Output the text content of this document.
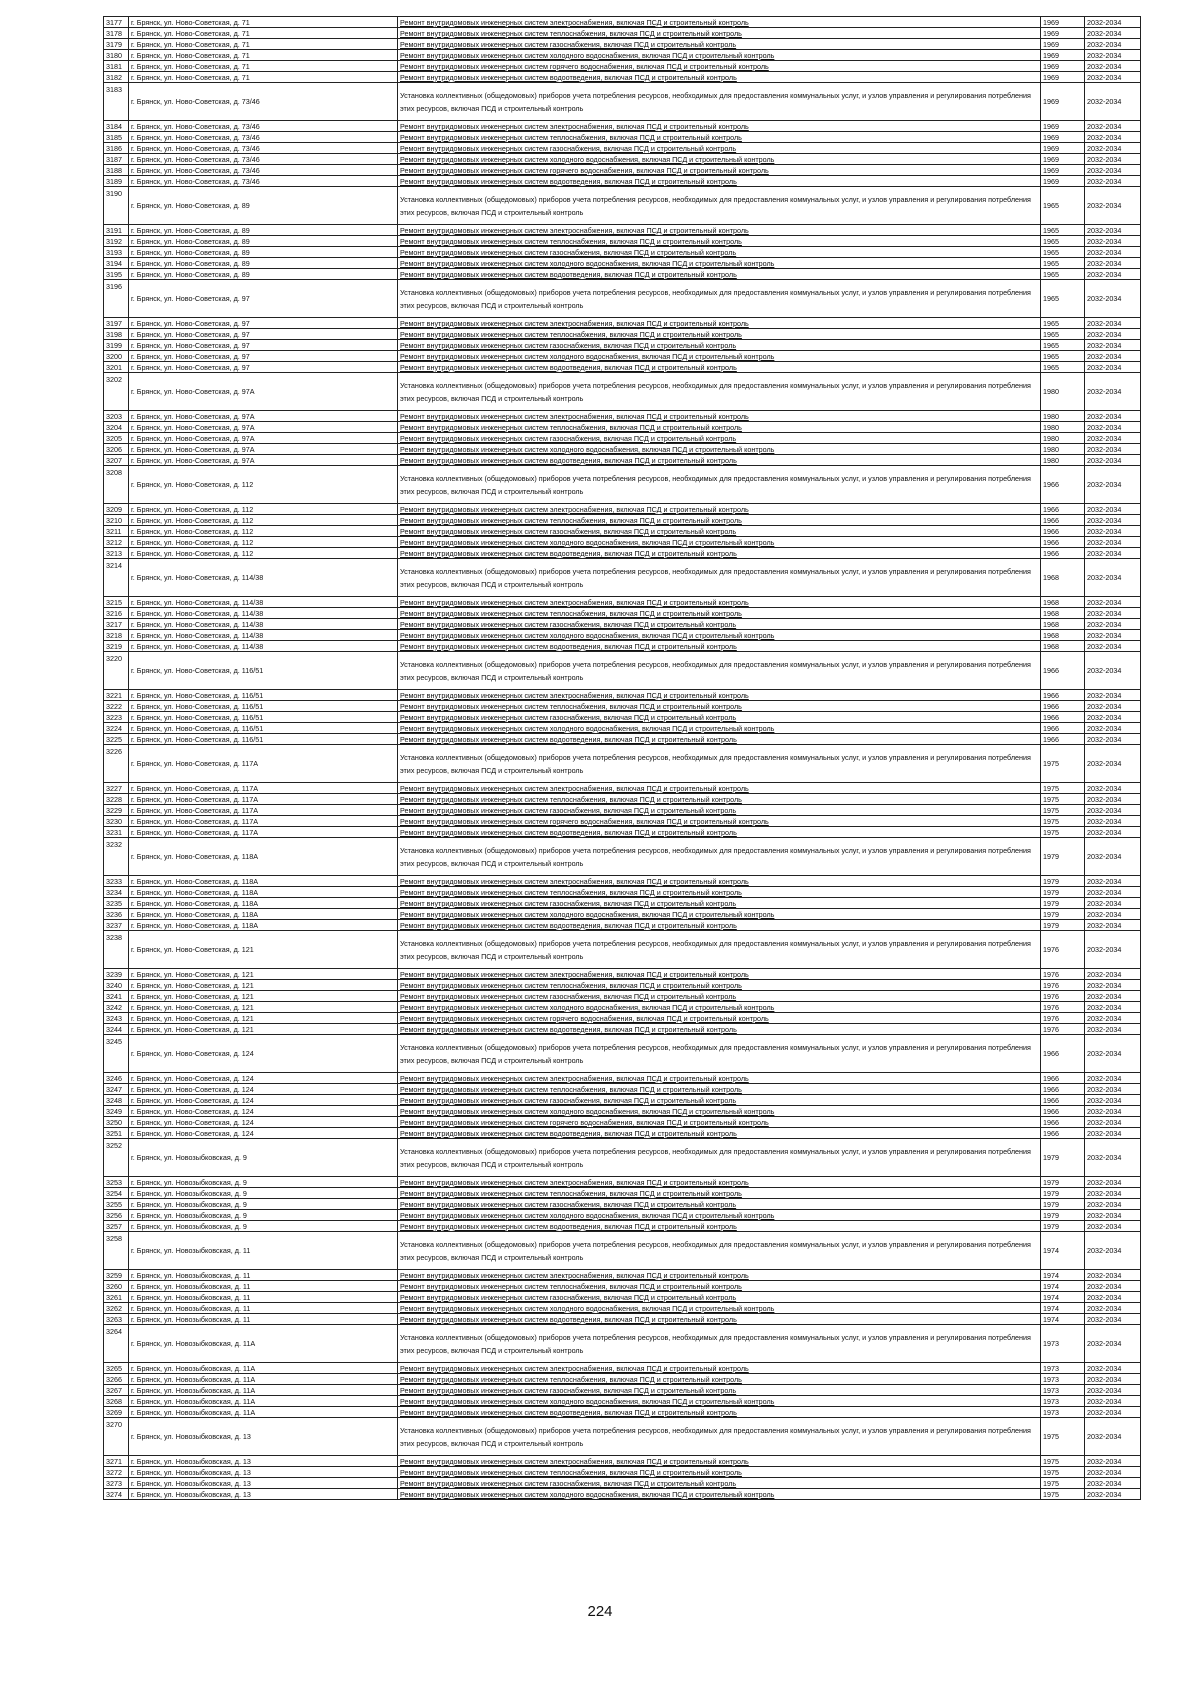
3177	г. Брянск, ул. Ново-Советская, д. 71	Ремонт внутридомовых инженерных систем электроснабжения, включая ПСД и строительный контроль	1969	2032-2034
3178	г. Брянск, ул. Ново-Советская, д. 71	Ремонт внутридомовых инженерных систем теплоснабжения, включая ПСД и строительный контроль	1969	2032-2034
3179	г. Брянск, ул. Ново-Советская, д. 71	Ремонт внутридомовых инженерных систем газоснабжения, включая ПСД и строительный контроль	1969	2032-2034
3180	г. Брянск, ул. Ново-Советская, д. 71	Ремонт внутридомовых инженерных систем холодного водоснабжения, включая ПСД и строительный контроль	1969	2032-2034
3181	г. Брянск, ул. Ново-Советская, д. 71	Ремонт внутридомовых инженерных систем горячего водоснабжения, включая ПСД и строительный контроль	1969	2032-2034
3182	г. Брянск, ул. Ново-Советская, д. 71	Ремонт внутридомовых инженерных систем водоотведения, включая ПСД и строительный контроль	1969	2032-2034
3183	г. Брянск, ул. Ново-Советская, д. 73/46	Установка коллективных (общедомовых) приборов учета потребления ресурсов, необходимых для предоставления коммунальных услуг, и узлов управления и регулирования потребления этих ресурсов, включая ПСД и строительный контроль	1969	2032-2034
3184	г. Брянск, ул. Ново-Советская, д. 73/46	Ремонт внутридомовых инженерных систем электроснабжения, включая ПСД и строительный контроль	1969	2032-2034
3185	г. Брянск, ул. Ново-Советская, д. 73/46	Ремонт внутридомовых инженерных систем теплоснабжения, включая ПСД и строительный контроль	1969	2032-2034
3186	г. Брянск, ул. Ново-Советская, д. 73/46	Ремонт внутридомовых инженерных систем газоснабжения, включая ПСД и строительный контроль	1969	2032-2034
3187	г. Брянск, ул. Ново-Советская, д. 73/46	Ремонт внутридомовых инженерных систем холодного водоснабжения, включая ПСД и строительный контроль	1969	2032-2034
3188	г. Брянск, ул. Ново-Советская, д. 73/46	Ремонт внутридомовых инженерных систем горячего водоснабжения, включая ПСД и строительный контроль	1969	2032-2034
3189	г. Брянск, ул. Ново-Советская, д. 73/46	Ремонт внутридомовых инженерных систем водоотведения, включая ПСД и строительный контроль	1969	2032-2034
3190	г. Брянск, ул. Ново-Советская, д. 89	Установка коллективных (общедомовых) приборов учета потребления ресурсов, необходимых для предоставления коммунальных услуг, и узлов управления и регулирования потребления этих ресурсов, включая ПСД и строительный контроль	1965	2032-2034
3191	г. Брянск, ул. Ново-Советская, д. 89	Ремонт внутридомовых инженерных систем электроснабжения, включая ПСД и строительный контроль	1965	2032-2034
3192	г. Брянск, ул. Ново-Советская, д. 89	Ремонт внутридомовых инженерных систем теплоснабжения, включая ПСД и строительный контроль	1965	2032-2034
3193	г. Брянск, ул. Ново-Советская, д. 89	Ремонт внутридомовых инженерных систем газоснабжения, включая ПСД и строительный контроль	1965	2032-2034
3194	г. Брянск, ул. Ново-Советская, д. 89	Ремонт внутридомовых инженерных систем холодного водоснабжения, включая ПСД и строительный контроль	1965	2032-2034
3195	г. Брянск, ул. Ново-Советская, д. 89	Ремонт внутридомовых инженерных систем водоотведения, включая ПСД и строительный контроль	1965	2032-2034
3196	г. Брянск, ул. Ново-Советская, д. 97	Установка коллективных (общедомовых) приборов учета потребления ресурсов, необходимых для предоставления коммунальных услуг, и узлов управления и регулирования потребления этих ресурсов, включая ПСД и строительный контроль	1965	2032-2034
3197	г. Брянск, ул. Ново-Советская, д. 97	Ремонт внутридомовых инженерных систем электроснабжения, включая ПСД и строительный контроль	1965	2032-2034
3198	г. Брянск, ул. Ново-Советская, д. 97	Ремонт внутридомовых инженерных систем теплоснабжения, включая ПСД и строительный контроль	1965	2032-2034
3199	г. Брянск, ул. Ново-Советская, д. 97	Ремонт внутридомовых инженерных систем газоснабжения, включая ПСД и строительный контроль	1965	2032-2034
3200	г. Брянск, ул. Ново-Советская, д. 97	Ремонт внутридомовых инженерных систем холодного водоснабжения, включая ПСД и строительный контроль	1965	2032-2034
3201	г. Брянск, ул. Ново-Советская, д. 97	Ремонт внутридомовых инженерных систем водоотведения, включая ПСД и строительный контроль	1965	2032-2034
3202	г. Брянск, ул. Ново-Советская, д. 97А	Установка коллективных (общедомовых) приборов учета потребления ресурсов, необходимых для предоставления коммунальных услуг, и узлов управления и регулирования потребления этих ресурсов, включая ПСД и строительный контроль	1980	2032-2034
3203	г. Брянск, ул. Ново-Советская, д. 97А	Ремонт внутридомовых инженерных систем электроснабжения, включая ПСД и строительный контроль	1980	2032-2034
3204	г. Брянск, ул. Ново-Советская, д. 97А	Ремонт внутридомовых инженерных систем теплоснабжения, включая ПСД и строительный контроль	1980	2032-2034
3205	г. Брянск, ул. Ново-Советская, д. 97А	Ремонт внутридомовых инженерных систем газоснабжения, включая ПСД и строительный контроль	1980	2032-2034
3206	г. Брянск, ул. Ново-Советская, д. 97А	Ремонт внутридомовых инженерных систем холодного водоснабжения, включая ПСД и строительный контроль	1980	2032-2034
3207	г. Брянск, ул. Ново-Советская, д. 97А	Ремонт внутридомовых инженерных систем водоотведения, включая ПСД и строительный контроль	1980	2032-2034
3208	г. Брянск, ул. Ново-Советская, д. 112	Установка коллективных (общедомовых) приборов учета потребления ресурсов, необходимых для предоставления коммунальных услуг, и узлов управления и регулирования потребления этих ресурсов, включая ПСД и строительный контроль	1966	2032-2034
3209	г. Брянск, ул. Ново-Советская, д. 112	Ремонт внутридомовых инженерных систем электроснабжения, включая ПСД и строительный контроль	1966	2032-2034
3210	г. Брянск, ул. Ново-Советская, д. 112	Ремонт внутридомовых инженерных систем теплоснабжения, включая ПСД и строительный контроль	1966	2032-2034
3211	г. Брянск, ул. Ново-Советская, д. 112	Ремонт внутридомовых инженерных систем газоснабжения, включая ПСД и строительный контроль	1966	2032-2034
3212	г. Брянск, ул. Ново-Советская, д. 112	Ремонт внутридомовых инженерных систем холодного водоснабжения, включая ПСД и строительный контроль	1966	2032-2034
3213	г. Брянск, ул. Ново-Советская, д. 112	Ремонт внутридомовых инженерных систем водоотведения, включая ПСД и строительный контроль	1966	2032-2034
3214	г. Брянск, ул. Ново-Советская, д. 114/38	Установка коллективных (общедомовых) приборов учета потребления ресурсов, необходимых для предоставления коммунальных услуг, и узлов управления и регулирования потребления этих ресурсов, включая ПСД и строительный контроль	1968	2032-2034
3215	г. Брянск, ул. Ново-Советская, д. 114/38	Ремонт внутридомовых инженерных систем электроснабжения, включая ПСД и строительный контроль	1968	2032-2034
3216	г. Брянск, ул. Ново-Советская, д. 114/38	Ремонт внутридомовых инженерных систем теплоснабжения, включая ПСД и строительный контроль	1968	2032-2034
3217	г. Брянск, ул. Ново-Советская, д. 114/38	Ремонт внутридомовых инженерных систем газоснабжения, включая ПСД и строительный контроль	1968	2032-2034
3218	г. Брянск, ул. Ново-Советская, д. 114/38	Ремонт внутридомовых инженерных систем холодного водоснабжения, включая ПСД и строительный контроль	1968	2032-2034
3219	г. Брянск, ул. Ново-Советская, д. 114/38	Ремонт внутридомовых инженерных систем водоотведения, включая ПСД и строительный контроль	1968	2032-2034
3220	г. Брянск, ул. Ново-Советская, д. 116/51	Установка коллективных (общедомовых) приборов учета потребления ресурсов, необходимых для предоставления коммунальных услуг, и узлов управления и регулирования потребления этих ресурсов, включая ПСД и строительный контроль	1966	2032-2034
3221	г. Брянск, ул. Ново-Советская, д. 116/51	Ремонт внутридомовых инженерных систем электроснабжения, включая ПСД и строительный контроль	1966	2032-2034
3222	г. Брянск, ул. Ново-Советская, д. 116/51	Ремонт внутридомовых инженерных систем теплоснабжения, включая ПСД и строительный контроль	1966	2032-2034
3223	г. Брянск, ул. Ново-Советская, д. 116/51	Ремонт внутридомовых инженерных систем газоснабжения, включая ПСД и строительный контроль	1966	2032-2034
3224	г. Брянск, ул. Ново-Советская, д. 116/51	Ремонт внутридомовых инженерных систем холодного водоснабжения, включая ПСД и строительный контроль	1966	2032-2034
3225	г. Брянск, ул. Ново-Советская, д. 116/51	Ремонт внутридомовых инженерных систем водоотведения, включая ПСД и строительный контроль	1966	2032-2034
3226	г. Брянск, ул. Ново-Советская, д. 117А	Установка коллективных (общедомовых) приборов учета потребления ресурсов, необходимых для предоставления коммунальных услуг, и узлов управления и регулирования потребления этих ресурсов, включая ПСД и строительный контроль	1975	2032-2034
3227	г. Брянск, ул. Ново-Советская, д. 117А	Ремонт внутридомовых инженерных систем электроснабжения, включая ПСД и строительный контроль	1975	2032-2034
3228	г. Брянск, ул. Ново-Советская, д. 117А	Ремонт внутридомовых инженерных систем теплоснабжения, включая ПСД и строительный контроль	1975	2032-2034
3229	г. Брянск, ул. Ново-Советская, д. 117А	Ремонт внутридомовых инженерных систем газоснабжения, включая ПСД и строительный контроль	1975	2032-2034
3230	г. Брянск, ул. Ново-Советская, д. 117А	Ремонт внутридомовых инженерных систем горячего водоснабжения, включая ПСД и строительный контроль	1975	2032-2034
3231	г. Брянск, ул. Ново-Советская, д. 117А	Ремонт внутридомовых инженерных систем водоотведения, включая ПСД и строительный контроль	1975	2032-2034
3232	г. Брянск, ул. Ново-Советская, д. 118А	Установка коллективных (общедомовых) приборов учета потребления ресурсов, необходимых для предоставления коммунальных услуг, и узлов управления и регулирования потребления этих ресурсов, включая ПСД и строительный контроль	1979	2032-2034
3233	г. Брянск, ул. Ново-Советская, д. 118А	Ремонт внутридомовых инженерных систем электроснабжения, включая ПСД и строительный контроль	1979	2032-2034
3234	г. Брянск, ул. Ново-Советская, д. 118А	Ремонт внутридомовых инженерных систем теплоснабжения, включая ПСД и строительный контроль	1979	2032-2034
3235	г. Брянск, ул. Ново-Советская, д. 118А	Ремонт внутридомовых инженерных систем газоснабжения, включая ПСД и строительный контроль	1979	2032-2034
3236	г. Брянск, ул. Ново-Советская, д. 118А	Ремонт внутридомовых инженерных систем холодного водоснабжения, включая ПСД и строительный контроль	1979	2032-2034
3237	г. Брянск, ул. Ново-Советская, д. 118А	Ремонт внутридомовых инженерных систем водоотведения, включая ПСД и строительный контроль	1979	2032-2034
3238	г. Брянск, ул. Ново-Советская, д. 121	Установка коллективных (общедомовых) приборов учета потребления ресурсов, необходимых для предоставления коммунальных услуг, и узлов управления и регулирования потребления этих ресурсов, включая ПСД и строительный контроль	1976	2032-2034
3239	г. Брянск, ул. Ново-Советская, д. 121	Ремонт внутридомовых инженерных систем электроснабжения, включая ПСД и строительный контроль	1976	2032-2034
3240	г. Брянск, ул. Ново-Советская, д. 121	Ремонт внутридомовых инженерных систем теплоснабжения, включая ПСД и строительный контроль	1976	2032-2034
3241	г. Брянск, ул. Ново-Советская, д. 121	Ремонт внутридомовых инженерных систем газоснабжения, включая ПСД и строительный контроль	1976	2032-2034
3242	г. Брянск, ул. Ново-Советская, д. 121	Ремонт внутридомовых инженерных систем холодного водоснабжения, включая ПСД и строительный контроль	1976	2032-2034
3243	г. Брянск, ул. Ново-Советская, д. 121	Ремонт внутридомовых инженерных систем горячего водоснабжения, включая ПСД и строительный контроль	1976	2032-2034
3244	г. Брянск, ул. Ново-Советская, д. 121	Ремонт внутридомовых инженерных систем водоотведения, включая ПСД и строительный контроль	1976	2032-2034
3245	г. Брянск, ул. Ново-Советская, д. 124	Установка коллективных (общедомовых) приборов учета потребления ресурсов, необходимых для предоставления коммунальных услуг, и узлов управления и регулирования потребления этих ресурсов, включая ПСД и строительный контроль	1966	2032-2034
3246	г. Брянск, ул. Ново-Советская, д. 124	Ремонт внутридомовых инженерных систем электроснабжения, включая ПСД и строительный контроль	1966	2032-2034
3247	г. Брянск, ул. Ново-Советская, д. 124	Ремонт внутридомовых инженерных систем теплоснабжения, включая ПСД и строительный контроль	1966	2032-2034
3248	г. Брянск, ул. Ново-Советская, д. 124	Ремонт внутридомовых инженерных систем газоснабжения, включая ПСД и строительный контроль	1966	2032-2034
3249	г. Брянск, ул. Ново-Советская, д. 124	Ремонт внутридомовых инженерных систем холодного водоснабжения, включая ПСД и строительный контроль	1966	2032-2034
3250	г. Брянск, ул. Ново-Советская, д. 124	Ремонт внутридомовых инженерных систем горячего водоснабжения, включая ПСД и строительный контроль	1966	2032-2034
3251	г. Брянск, ул. Ново-Советская, д. 124	Ремонт внутридомовых инженерных систем водоотведения, включая ПСД и строительный контроль	1966	2032-2034
3252	г. Брянск, ул. Новозыбковская, д. 9	Установка коллективных (общедомовых) приборов учета потребления ресурсов, необходимых для предоставления коммунальных услуг, и узлов управления и регулирования потребления этих ресурсов, включая ПСД и строительный контроль	1979	2032-2034
3253	г. Брянск, ул. Новозыбковская, д. 9	Ремонт внутридомовых инженерных систем электроснабжения, включая ПСД и строительный контроль	1979	2032-2034
3254	г. Брянск, ул. Новозыбковская, д. 9	Ремонт внутридомовых инженерных систем теплоснабжения, включая ПСД и строительный контроль	1979	2032-2034
3255	г. Брянск, ул. Новозыбковская, д. 9	Ремонт внутридомовых инженерных систем газоснабжения, включая ПСД и строительный контроль	1979	2032-2034
3256	г. Брянск, ул. Новозыбковская, д. 9	Ремонт внутридомовых инженерных систем холодного водоснабжения, включая ПСД и строительный контроль	1979	2032-2034
3257	г. Брянск, ул. Новозыбковская, д. 9	Ремонт внутридомовых инженерных систем водоотведения, включая ПСД и строительный контроль	1979	2032-2034
3258	г. Брянск, ул. Новозыбковская, д. 11	Установка коллективных (общедомовых) приборов учета потребления ресурсов, необходимых для предоставления коммунальных услуг, и узлов управления и регулирования потребления этих ресурсов, включая ПСД и строительный контроль	1974	2032-2034
3259	г. Брянск, ул. Новозыбковская, д. 11	Ремонт внутридомовых инженерных систем электроснабжения, включая ПСД и строительный контроль	1974	2032-2034
3260	г. Брянск, ул. Новозыбковская, д. 11	Ремонт внутридомовых инженерных систем теплоснабжения, включая ПСД и строительный контроль	1974	2032-2034
3261	г. Брянск, ул. Новозыбковская, д. 11	Ремонт внутридомовых инженерных систем газоснабжения, включая ПСД и строительный контроль	1974	2032-2034
3262	г. Брянск, ул. Новозыбковская, д. 11	Ремонт внутридомовых инженерных систем холодного водоснабжения, включая ПСД и строительный контроль	1974	2032-2034
3263	г. Брянск, ул. Новозыбковская, д. 11	Ремонт внутридомовых инженерных систем водоотведения, включая ПСД и строительный контроль	1974	2032-2034
3264	г. Брянск, ул. Новозыбковская, д. 11А	Установка коллективных (общедомовых) приборов учета потребления ресурсов, необходимых для предоставления коммунальных услуг, и узлов управления и регулирования потребления этих ресурсов, включая ПСД и строительный контроль	1973	2032-2034
3265	г. Брянск, ул. Новозыбковская, д. 11А	Ремонт внутридомовых инженерных систем электроснабжения, включая ПСД и строительный контроль	1973	2032-2034
3266	г. Брянск, ул. Новозыбковская, д. 11А	Ремонт внутридомовых инженерных систем теплоснабжения, включая ПСД и строительный контроль	1973	2032-2034
3267	г. Брянск, ул. Новозыбковская, д. 11А	Ремонт внутридомовых инженерных систем газоснабжения, включая ПСД и строительный контроль	1973	2032-2034
3268	г. Брянск, ул. Новозыбковская, д. 11А	Ремонт внутридомовых инженерных систем холодного водоснабжения, включая ПСД и строительный контроль	1973	2032-2034
3269	г. Брянск, ул. Новозыбковская, д. 11А	Ремонт внутридомовых инженерных систем водоотведения, включая ПСД и строительный контроль	1973	2032-2034
3270	г. Брянск, ул. Новозыбковская, д. 13	Установка коллективных (общедомовых) приборов учета потребления ресурсов, необходимых для предоставления коммунальных услуг, и узлов управления и регулирования потребления этих ресурсов, включая ПСД и строительный контроль	1975	2032-2034
3271	г. Брянск, ул. Новозыбковская, д. 13	Ремонт внутридомовых инженерных систем электроснабжения, включая ПСД и строительный контроль	1975	2032-2034
3272	г. Брянск, ул. Новозыбковская, д. 13	Ремонт внутридомовых инженерных систем теплоснабжения, включая ПСД и строительный контроль	1975	2032-2034
3273	г. Брянск, ул. Новозыбковская, д. 13	Ремонт внутридомовых инженерных систем газоснабжения, включая ПСД и строительный контроль	1975	2032-2034
3274	г. Брянск, ул. Новозыбковская, д. 13	Ремонт внутридомовых инженерных систем холодного водоснабжения, включая ПСД и строительный контроль	1975	2032-2034
224
